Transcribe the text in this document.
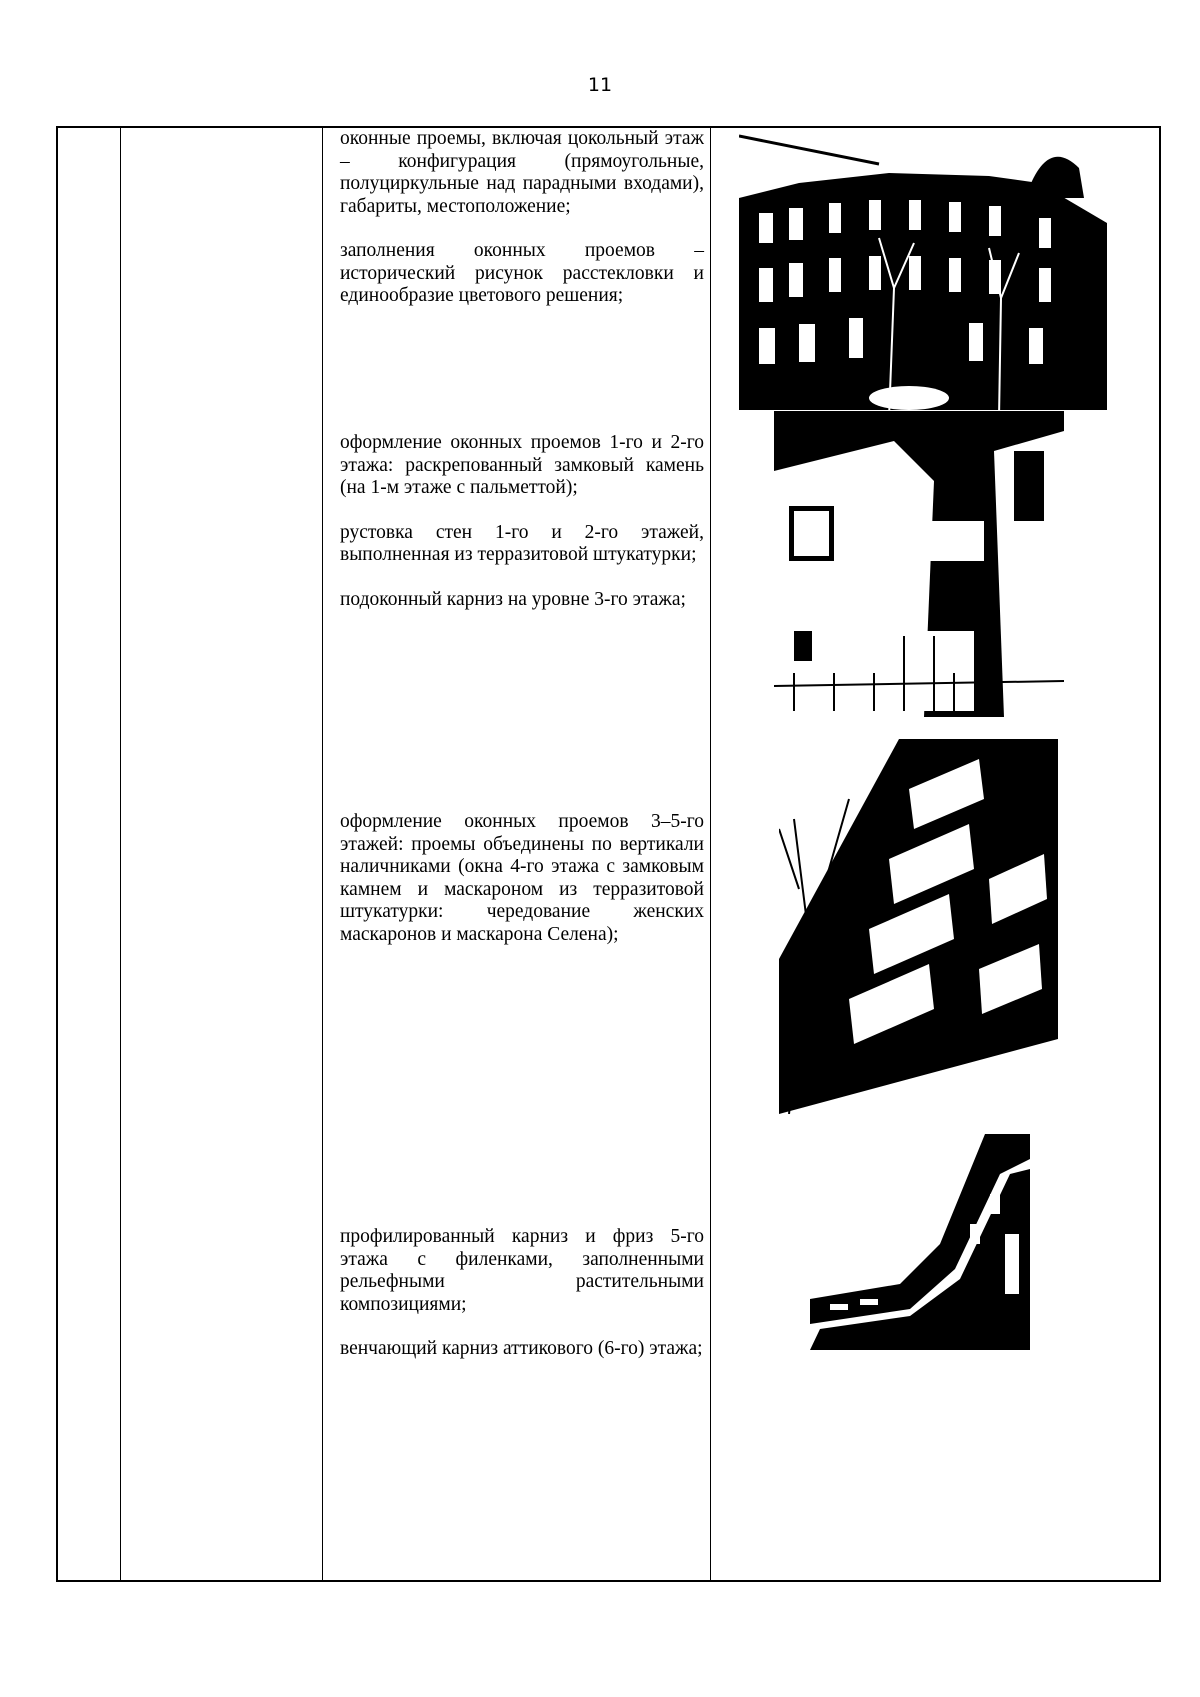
11

оконные проемы, включая цокольный этаж – конфигурация (прямоугольные, полуциркульные над парадными входами), габариты, местоположение;

заполнения оконных проемов – исторический рисунок расстекловки и единообразие цветового решения;

оформление оконных проемов 1-го и 2-го этажа: раскрепованный замковый камень (на 1-м этаже с пальметтой);

рустовка стен 1-го и 2-го этажей, выполненная из терразитовой штукатурки;

подоконный карниз на уровне 3-го этажа;

оформление оконных проемов 3–5-го этажей: проемы объединены по вертикали наличниками (окна 4-го этажа с замковым камнем и маскароном из терразитовой штукатурки: чередование женских маскаронов и маскарона Селена);

профилированный карниз и фриз 5-го этажа с филенками, заполненными рельефными растительными композициями;

венчающий карниз аттикового (6-го) этажа;
